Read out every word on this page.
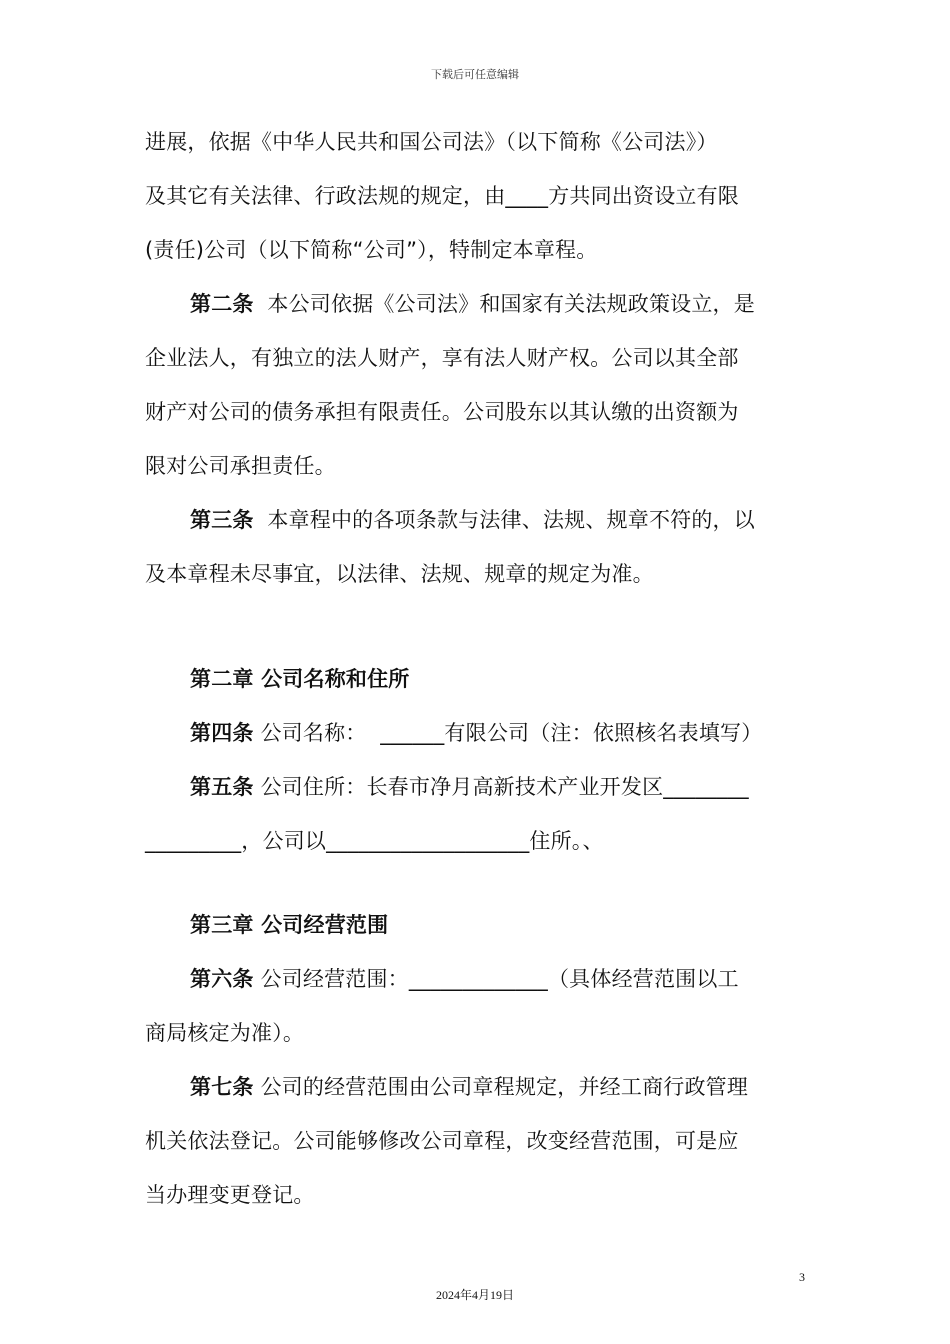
下载后可任意编辑
进展，依据《中华人民共和国公司法》（以下简称《公司法》）
及其它有关法律、行政法规的规定，由____方共同出资设立有限
(责任)公司（以下简称“公司”），特制定本章程。
第二条  本公司依据《公司法》和国家有关法规政策设立，是
企业法人，有独立的法人财产，享有法人财产权。公司以其全部
财产对公司的债务承担有限责任。公司股东以其认缴的出资额为
限对公司承担责任。
第三条  本章程中的各项条款与法律、法规、规章不符的，以
及本章程未尽事宜，以法律、法规、规章的规定为准。
第二章 公司名称和住所
第四条 公司名称：  ______有限公司（注：依照核名表填写）
第五条 公司住所：长春市净月高新技术产业开发区________
_________，公司以___________________住所。、
第三章 公司经营范围
第六条 公司经营范围：_____________（具体经营范围以工
商局核定为准）。
第七条 公司的经营范围由公司章程规定，并经工商行政管理
机关依法登记。公司能够修改公司章程，改变经营范围，可是应
当办理变更登记。
3
2024年4月19日
